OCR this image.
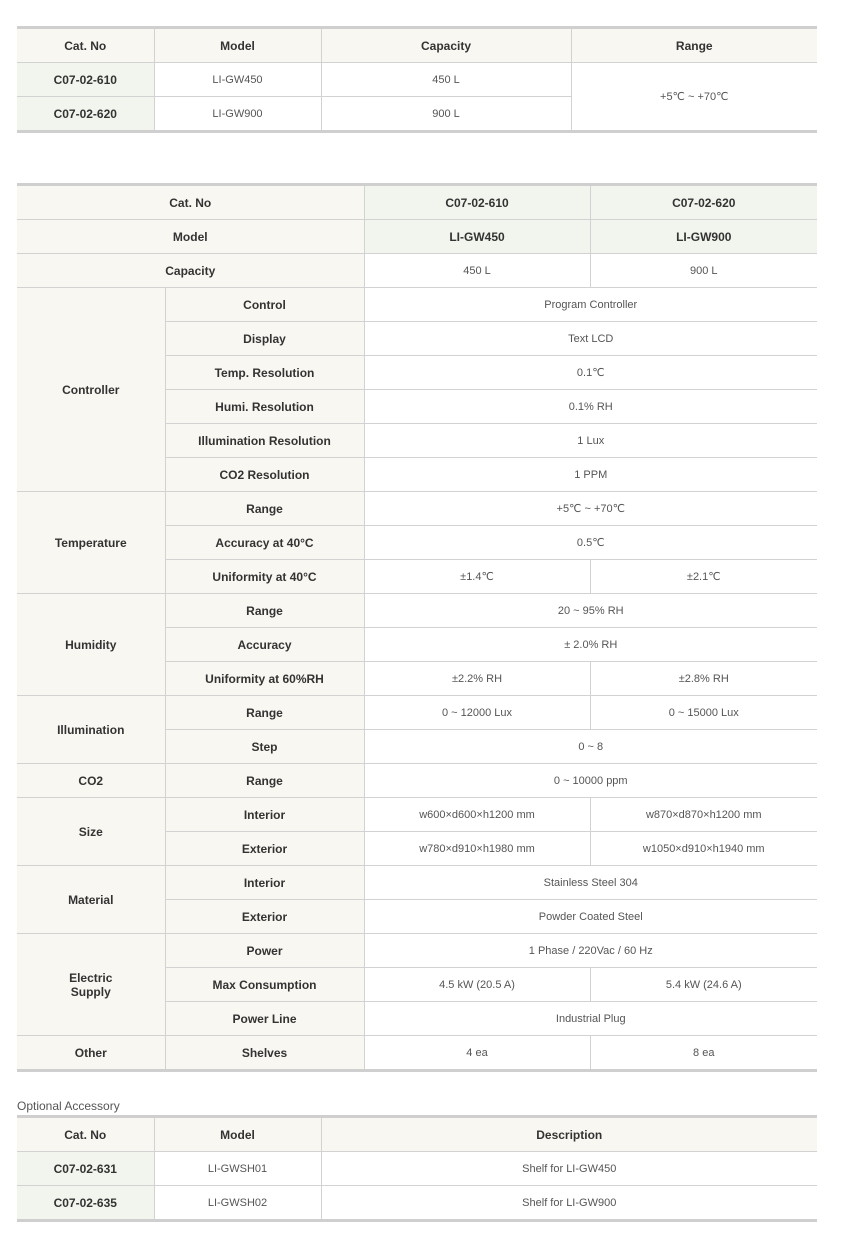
Cat. No	Model	Capacity	Range
C07-02-610	LI-GW450	450 L	+5℃ ~ +70℃
C07-02-620	LI-GW900	900 L	
Cat. No		C07-02-610	C07-02-620
Model		LI-GW450	LI-GW900
Capacity		450 L	900 L
Controller	Control	Program Controller	
	Display	Text LCD	
	Temp. Resolution	0.1℃	
	Humi. Resolution	0.1% RH	
	Illumination Resolution	1 Lux	
	CO2 Resolution	1 PPM	
Temperature	Range	+5℃ ~ +70℃	
	Accuracy at 40°C	0.5℃	
	Uniformity at 40°C	±1.4℃	±2.1℃
Humidity	Range	20 ~ 95% RH	
	Accuracy	± 2.0% RH	
	Uniformity at 60%RH	±2.2% RH	±2.8% RH
Illumination	Range	0 ~ 12000 Lux	0 ~ 15000 Lux
	Step	0 ~ 8	
CO2	Range	0 ~ 10000 ppm	
Size	Interior	w600×d600×h1200 mm	w870×d870×h1200 mm
	Exterior	w780×d910×h1980 mm	w1050×d910×h1940 mm
Material	Interior	Stainless Steel 304	
	Exterior	Powder Coated Steel	
Electric
Supply	Power	1 Phase / 220Vac / 60 Hz	
	Max Consumption	4.5 kW (20.5 A)	5.4 kW (24.6 A)
	Power Line	Industrial Plug	
Other	Shelves	4 ea	8 ea
Optional Accessory
Cat. No	Model	Description
C07-02-631	LI-GWSH01	Shelf for LI-GW450
C07-02-635	LI-GWSH02	Shelf for LI-GW900
